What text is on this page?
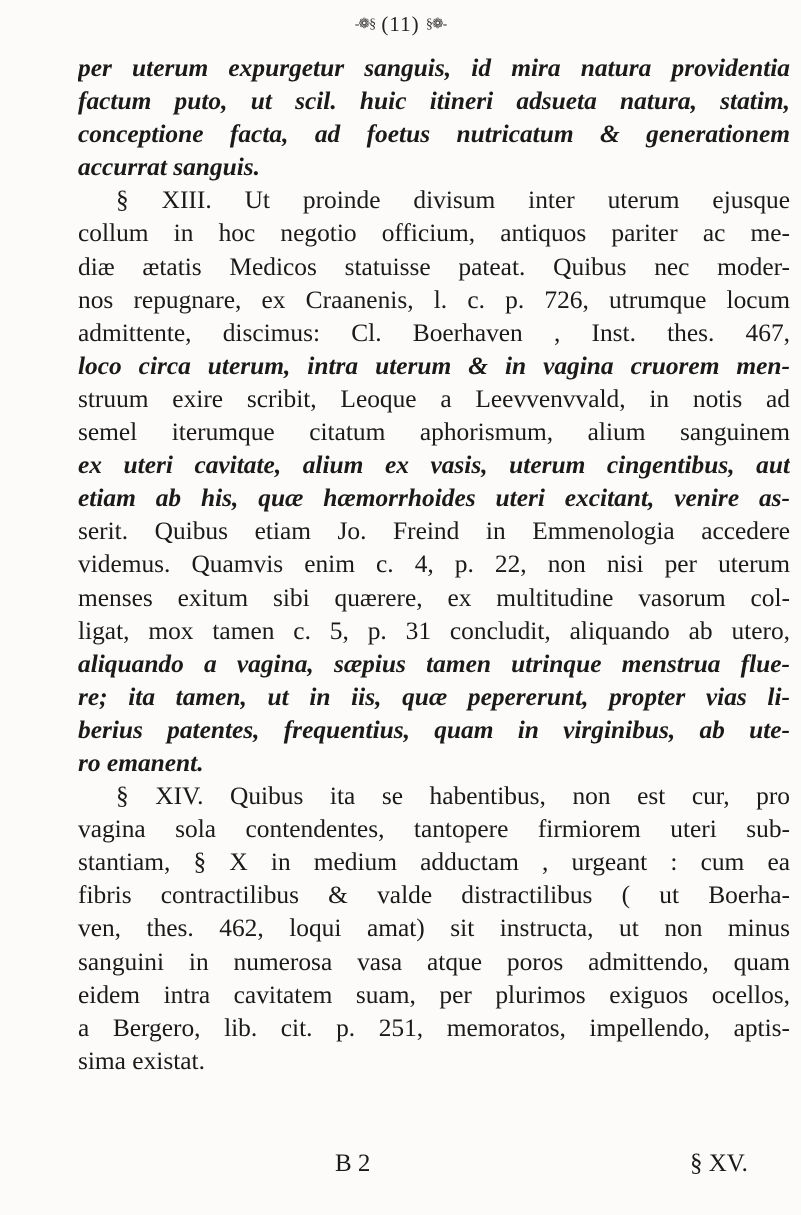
-❁§ (11) §❁-
per uterum expurgetur sanguis, id mira natura providentia
factum puto, ut scil. huic itineri adsueta natura, statim,
conceptione facta, ad foetus nutricatum & generationem
accurrat sanguis.
§ XIII. Ut proinde divisum inter uterum ejusque
collum in hoc negotio officium, antiquos pariter ac me-
diæ ætatis Medicos statuisse pateat. Quibus nec moder-
nos repugnare, ex Craanenis, l. c. p. 726, utrumque locum
admittente, discimus: Cl. Boerhaven , Inst. thes. 467,
loco circa uterum, intra uterum & in vagina cruorem men-
struum exire scribit, Leoque a Leevvenvvald, in notis ad
semel iterumque citatum aphorismum, alium sanguinem
ex uteri cavitate, alium ex vasis, uterum cingentibus, aut
etiam ab his, quæ hæmorrhoides uteri excitant, venire as-
serit. Quibus etiam Jo. Freind in Emmenologia accedere
videmus. Quamvis enim c. 4, p. 22, non nisi per uterum
menses exitum sibi quærere, ex multitudine vasorum col-
ligat, mox tamen c. 5, p. 31 concludit, aliquando ab utero,
aliquando a vagina, sæpius tamen utrinque menstrua flue-
re; ita tamen, ut in iis, quæ pepererunt, propter vias li-
berius patentes, frequentius, quam in virginibus, ab ute-
ro emanent.
§ XIV. Quibus ita se habentibus, non est cur, pro
vagina sola contendentes, tantopere firmiorem uteri sub-
stantiam, § X in medium adductam , urgeant : cum ea
fibris contractilibus & valde distractilibus ( ut Boerha-
ven, thes. 462, loqui amat) sit instructa, ut non minus
sanguini in numerosa vasa atque poros admittendo, quam
eidem intra cavitatem suam, per plurimos exiguos ocellos,
a Bergero, lib. cit. p. 251, memoratos, impellendo, aptis-
sima existat.
B 2	§ XV.
